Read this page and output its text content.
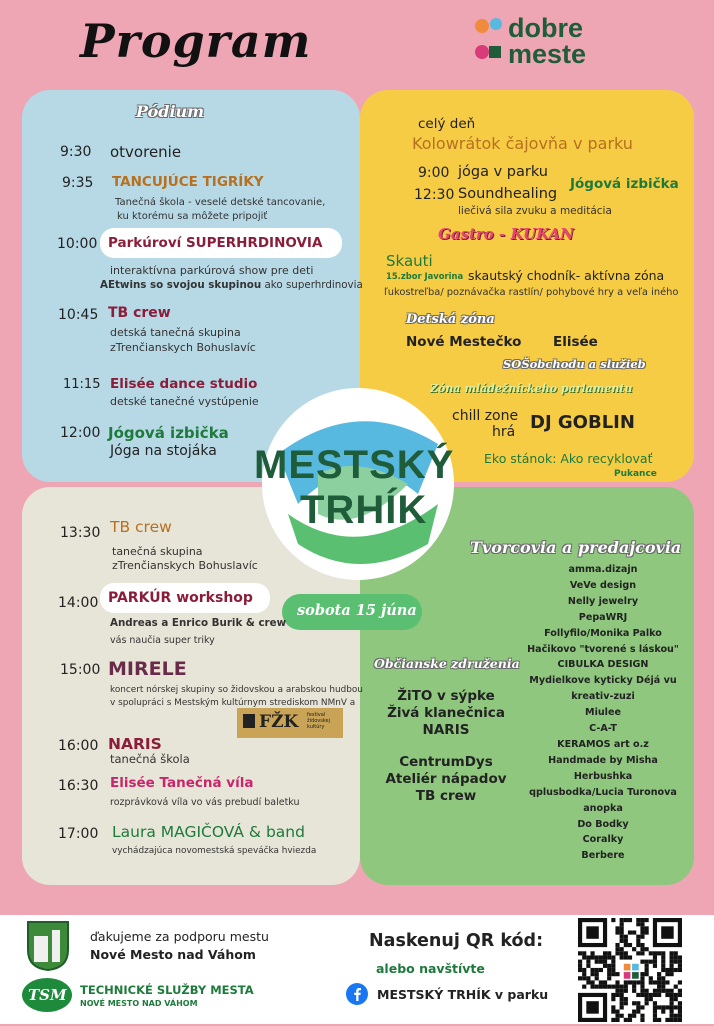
Program	dobre
meste
Pódium
9:30 otvorenie
9:35 TANCUJÚCE TIGRÍKY
Tanečná škola - veselé detské tancovanie,
ku ktorému sa môžete pripojiť
10:00 Parkúroví SUPERHRDINOVIA
interaktívna parkúrová show pre deti
AEtwins so svojou skupinou ako superhrdinovia
10:45 TB crew
detská tanečná skupina
zTrenčianskych Bohuslavíc
11:15 Elisée dance studio
detské tanečné vystúpenie
12:00 Jógová izbička
Jóga na stojáka
celý deň
Kolowrátok čajovňa v parku
9:00 jóga v parku
12:30 Soundhealing
liečivá sila zvuku a meditácia
Jógová izbička
Gastro - KUKAN
Skauti
15.zbor Javorina skautský chodník- aktívna zóna
ľukostreľba/ poznávačka rastlín/ pohybové hry a veľa iného
Detská zóna
Nové Mestečko Elisée
SOŠobchodu a služieb
Zóna mládežníckeho parlamentu
chill zone
hrá DJ GOBLIN
Eko stánok: Ako recyklovať
Pukance
MESTSKÝ
TRHÍK
sobota 15 júna
13:30 TB crew
tanečná skupina
zTrenčianskych Bohuslavíc
14:00 PARKÚR workshop
Andreas a Enrico Burik & crew
vás naučia super triky
15:00 MIRELE
koncert nórskej skupiny so židovskou a arabskou hudbou
v spolupráci s Mestským kultúrnym strediskom NMnV a
FŽK festival
židovskej
kultúry
16:00 NARIS
tanečná škola
16:30 Elisée Tanečná víla
rozprávková víla vo vás prebudí baletku
17:00 Laura MAGIČOVÁ & band
vychádzajúca novomestská speváčka hviezda
Tvorcovia a predajcovia
amma.dizajn
VeVe design
Nelly jewelry
PepaWRJ
Follyfilo/Monika Palko
Hačikovo "tvorené s láskou"
CIBULKA DESIGN
Mydielkove kyticky Déjá vu
kreativ-zuzi
Miulee
C-A-T
KERAMOS art o.z
Handmade by Misha
Herbushka
qplusbodka/Lucia Turonova
anopka
Do Bodky
Coralky
Berbere
Občianske združenia
ŽiTO v sýpke
Živá klanečnica
NARIS
CentrumDys
Ateliér nápadov
TB crew
ďakujeme za podporu mestu
Nové Mesto nad Váhom
TSM TECHNICKÉ SLUŽBY MESTA
NOVÉ MESTO NAD VÁHOM
Naskenuj QR kód:
alebo navštívte
MESTSKÝ TRHÍK v parku
